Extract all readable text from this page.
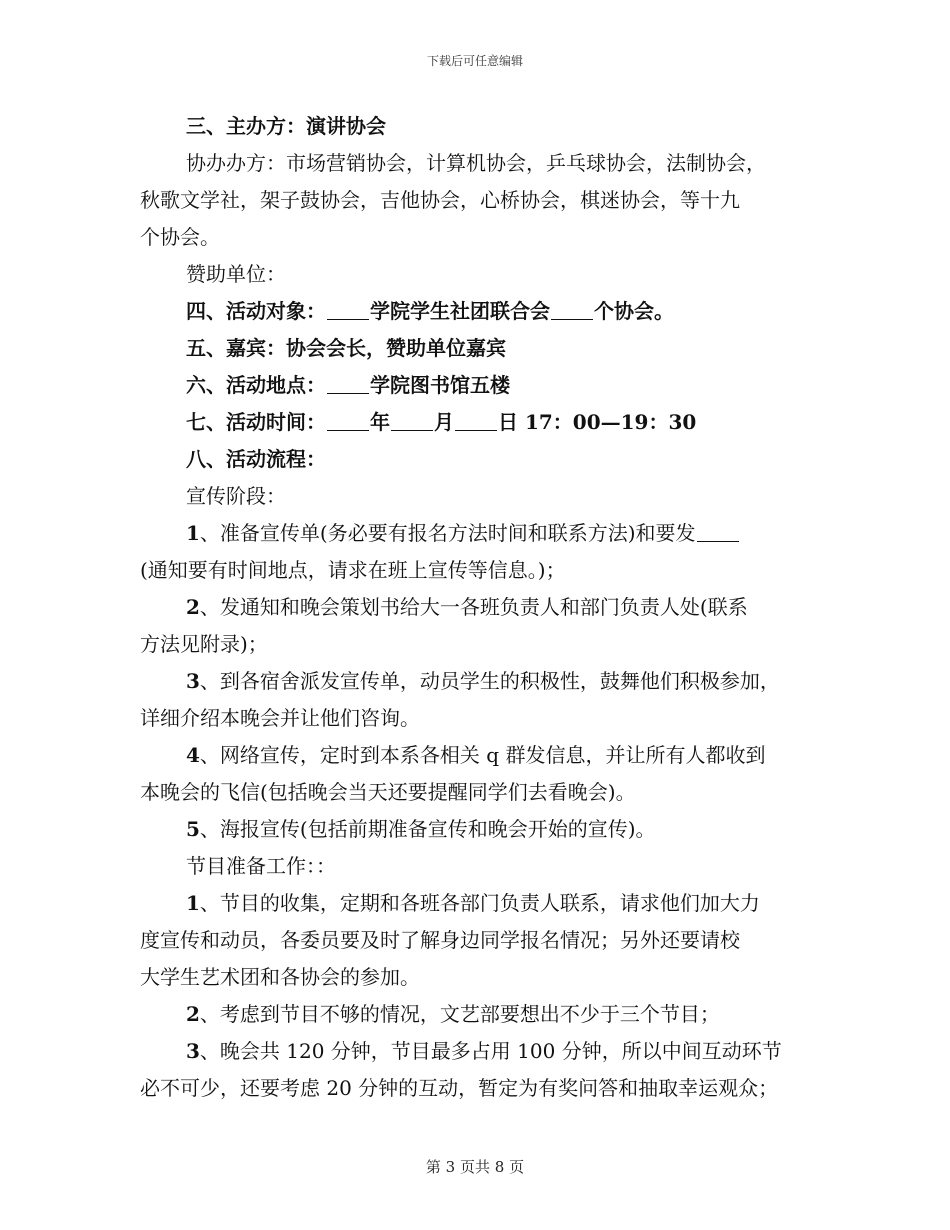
下载后可任意编辑
三、主办方：演讲协会
协办办方：市场营销协会，计算机协会，乒乓球协会，法制协会，
秋歌文学社，架子鼓协会，吉他协会，心桥协会，棋迷协会，等十九
个协会。
赞助单位：
四、活动对象： 学院学生社团联合会 个协会。
五、嘉宾：协会会长，赞助单位嘉宾
六、活动地点： 学院图书馆五楼
七、活动时间： 年 月 日 17：00—19：30
八、活动流程：
宣传阶段：
1、准备宣传单(务必要有报名方法时间和联系方法)和要发
(通知要有时间地点，请求在班上宣传等信息。)；
2、发通知和晚会策划书给大一各班负责人和部门负责人处(联系
方法见附录)；
3、到各宿舍派发宣传单，动员学生的积极性，鼓舞他们积极参加，
详细介绍本晚会并让他们咨询。
4、网络宣传，定时到本系各相关 q 群发信息，并让所有人都收到
本晚会的飞信(包括晚会当天还要提醒同学们去看晚会)。
5、海报宣传(包括前期准备宣传和晚会开始的宣传)。
节目准备工作：：
1、节目的收集，定期和各班各部门负责人联系，请求他们加大力
度宣传和动员，各委员要及时了解身边同学报名情况；另外还要请校
大学生艺术团和各协会的参加。
2、考虑到节目不够的情况，文艺部要想出不少于三个节目；
3、晚会共 120 分钟，节目最多占用 100 分钟，所以中间互动环节
必不可少，还要考虑 20 分钟的互动，暂定为有奖问答和抽取幸运观众；
第 3 页共 8 页
